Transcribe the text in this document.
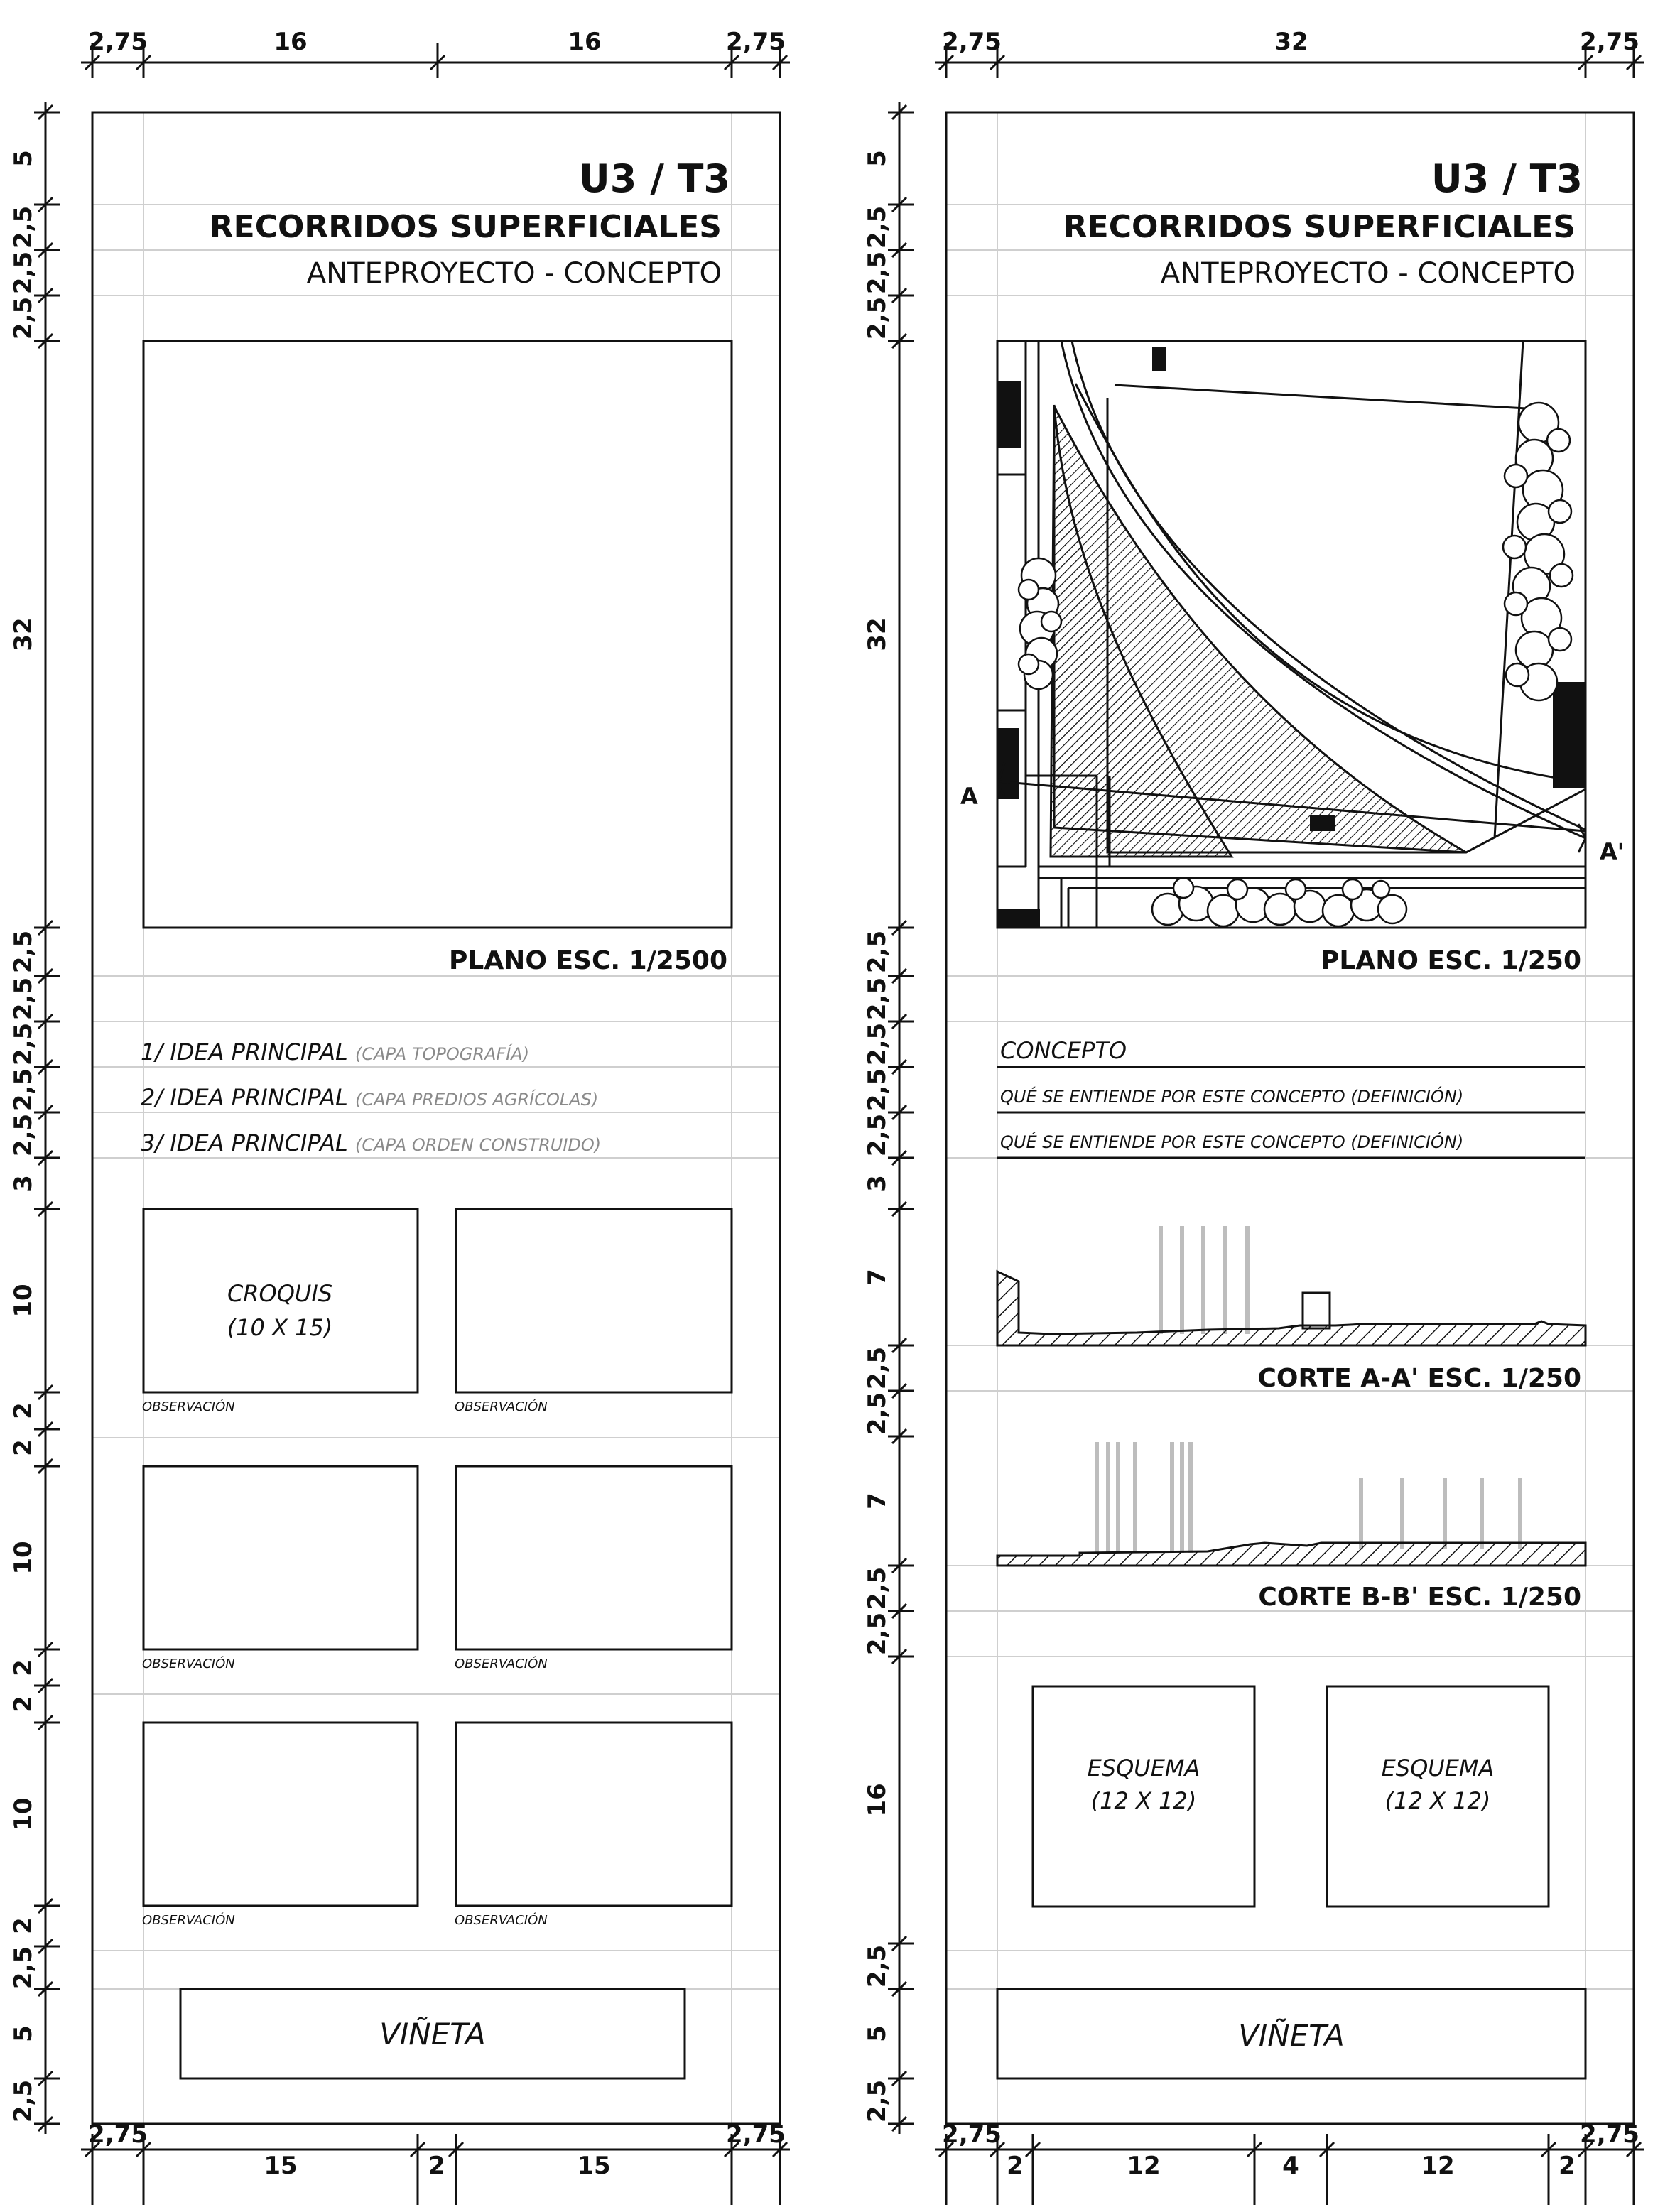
U3 / T3
RECORRIDOS SUPERFICIALES
ANTEPROYECTO - CONCEPTO
PLANO ESC. 1/2500
1/ IDEA PRINCIPAL (CAPA TOPOGRAFÍA)
2/ IDEA PRINCIPAL (CAPA PREDIOS AGRÍCOLAS)
3/ IDEA PRINCIPAL (CAPA ORDEN CONSTRUIDO)
CROQUIS
(10 X 15)
OBSERVACIÓN	OBSERVACIÓN
OBSERVACIÓN	OBSERVACIÓN
OBSERVACIÓN	OBSERVACIÓN
VIÑETA
2,75	16	16	2,75
2,75
15	2	15
2,75
5
2,5
2,5
2,5
32
2,5
2,5
2,5
2,5
2,5
3
10
2
2
10
2
2
10
2
2,5
5
2,5
A
A'
U3 / T3
RECORRIDOS SUPERFICIALES
ANTEPROYECTO - CONCEPTO
PLANO ESC. 1/250
CONCEPTO
QUÉ SE ENTIENDE POR ESTE CONCEPTO (DEFINICIÓN)
QUÉ SE ENTIENDE POR ESTE CONCEPTO (DEFINICIÓN)
CORTE A-A' ESC. 1/250
CORTE B-B' ESC. 1/250
ESQUEMA
(12 X 12)
ESQUEMA
(12 X 12)
VIÑETA
2,75	32	2,75
2,75
2	12	4	12	2
2,75
5
2,5
2,5
2,5
32
2,5
2,5
2,5
2,5
2,5
3
7
2,5
2,5
7
2,5
2,5
16
2,5
5
2,5
